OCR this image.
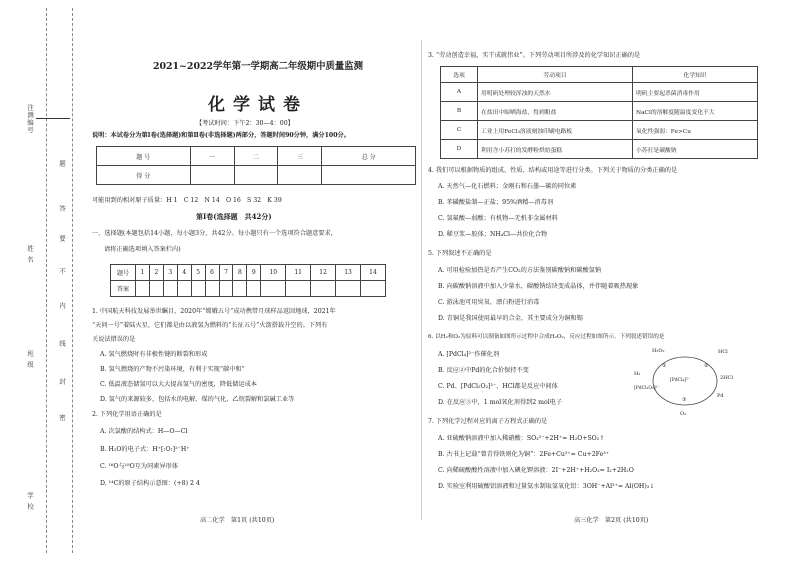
注测编号
姓 名
班 级
学 校
题
答
要
不
内
线
封
密
2021~2022学年第一学期高二年级期中质量监测
化学试卷
【考试时间：下午2：30—4：00】
说明：本试卷分为第Ⅰ卷(选择题)和第Ⅱ卷(非选择题)两部分，答题时间90分钟，满分100分。
题 号	一	二	三	总 分
得 分				
可能用到的相对原子质量：H 1　C 12　N 14　O 16　S 32　K 39
第Ⅰ卷(选择题　共42分)
一、选择题(本题包括14小题，每小题3分，共42分。每小题只有一个选项符合题意要求，
请将正确选项填入答案栏内)
题号	1	2	3	4	5	6	7	8	9	10	11	12	13	14
答案														
1. 中国航天科技发展举世瞩目，2020年“嫦娥五号”成功携带月球样品返回地球，2021年
“天问一号”着陆火星，它们都是由以液氢为燃料的“长征五号”火箭搭载升空的。下列有
关说法错误的是
A. 氢气燃烧时有非极性键的断裂和形成
B. 氢气燃烧的产物不污染环境，有利于实现“碳中和”
C. 低温液态储氢可以大大提高氢气的密度，降低储运成本
D. 氢气的来源较多，包括水的电解、煤的气化、乙烷裂解和氯碱工业等
2. 下列化学用语正确的是
A. 次氯酸的结构式：H—O—Cl
B. H₂O的电子式：H⁺[:O:]²⁻H⁺
C. ¹⁶O与¹⁸O互为同素异形体
D. ¹⁴C的原子结构示意图：(+8) 2 4
高二化学　第1页 (共10页)
3. “劳动创造幸福，实干成就伟业”。下列劳动项目所涉及的化学知识正确的是
选项	劳动项目	化学知识
A	用明矾处理较浑浊的天然水	明矾主要起杀菌消毒作用
B	在盐田中晾晒海盐，得到粗盐	NaCl的溶解度随温度变化不大
C	工业上用FeCl₃溶液刻蚀印刷电路板	氧化性强弱：Fe>Cu
D	利用含小苏打的发酵粉烘焙蛋糕	小苏打是碳酸钠
4. 我们可以根据物质的组成、性质、结构或用途等进行分类。下列关于物质的分类正确的是
A. 天然气—化石燃料；金刚石和石墨—碳的同位素
B. 苯磺酸盐制—正盐；95%酒精—消毒剂
C. 氢氟酸—弱酸；有机物—无机非金属材料
D. 稀豆浆—胶体；NH₄Cl—共价化合物
5. 下列叙述不正确的是
A. 可用检验加热是否产生CO₂的方法鉴别碳酸钠和碳酸氢钠
B. 向碳酸钠溶液中加入少量水，碳酸钠结块变成晶体，并伴随着吸热现象
C. 游泳池可用臭氧、漂白粉进行消毒
D. 青铜是我国使用最早的合金，其主要成分为铜和锡
6. 以H₂和O₂为原料可以制备如图所示过程中合成H₂O₂，反应过程如图所示。下列叙述错误的是
A. [PdCl₄]²⁻作催化剂
B. 反应②中Pd的化合价保持不变
C. Pd、[PdCl₂O₂]²⁻、HCl都是反应中间体
D. 在反应③中，1 mol氧化剂得到2 mol电子
7. 下列化学过程对应的离子方程式正确的是
A. 亚硫酸钠溶液中加入稀硝酸：SO₃²⁻+2H⁺= H₂O+SO₂↑
B. 古书上记载“曾青得铁则化为铜”：2Fe+Cu²⁺= Cu+2Fe³⁺
C. 向稀硫酸酸性溶液中加入碘化钾溶液：2I⁻+2H⁺+H₂O₂= I₂+2H₂O
D. 实验室利用硫酸铝溶液和过量氨水制取氢氧化铝：3OH⁻+Al³⁺= Al(OH)₃↓
H₂O₂	HCl
2HCl
Pd
O₂
①	②
③
[PdCl₄]²⁻
[PdCl₂O₂]²⁻
H₂
高三化学　第2页 (共10页)
